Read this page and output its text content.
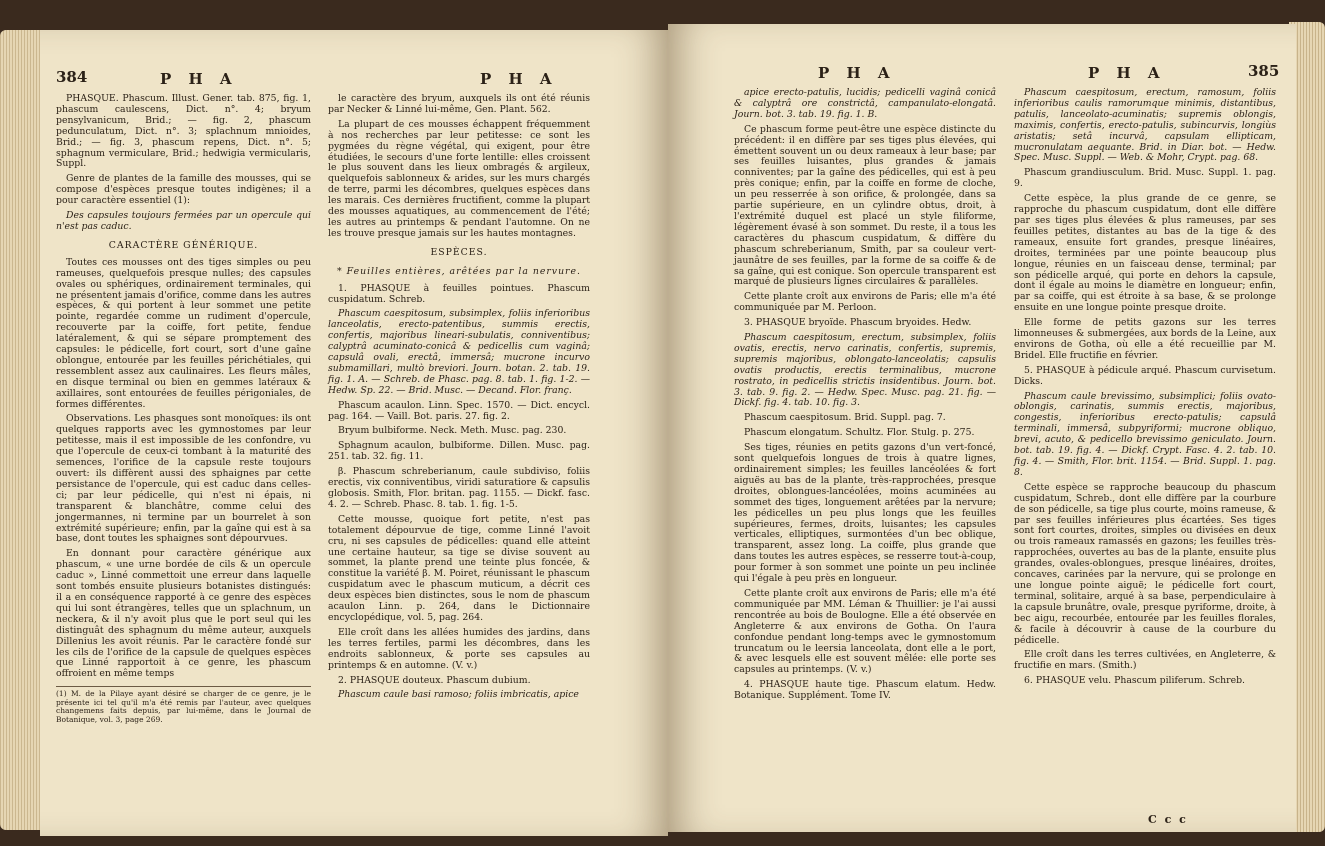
384	P H A	P H A

PHASQUE. Phascum. Illust. Gener. tab. 875, fig. 1, phascum caulescens, Dict. n°. 4; bryum pensylvanicum, Brid.; — fig. 2, phascum pedunculatum, Dict. n°. 3; splachnum mnioides, Brid.; — fig. 3, phascum repens, Dict. n°. 5; sphagnum vermiculare, Brid.; hedwigia vermicularis, Suppl.

Genre de plantes de la famille des mousses, qui se compose d'espèces presque toutes indigènes; il a pour caractère essentiel (1):

Des capsules toujours fermées par un opercule qui n'est pas caduc.

CARACTÈRE GÉNÉRIQUE.

Toutes ces mousses ont des tiges simples ou peu rameuses, quelquefois presque nulles; des capsules ovales ou sphériques, ordinairement terminales, qui ne présentent jamais d'orifice, comme dans les autres espèces, & qui portent à leur sommet une petite pointe, regardée comme un rudiment d'opercule, recouverte par la coiffe, fort petite, fendue latéralement, & qui se sépare promptement des capsules: le pédicelle, fort court, sort d'une gaîne oblongue, entourée par les feuilles périchétiales, qui ressemblent assez aux caulinaires. Les fleurs mâles, en disque terminal ou bien en gemmes latéraux & axillaires, sont entourées de feuilles périgoniales, de formes différentes.

Observations. Les phasques sont monoïques: ils ont quelques rapports avec les gymnostomes par leur petitesse, mais il est impossible de les confondre, vu que l'opercule de ceux-ci tombant à la maturité des semences, l'orifice de la capsule reste toujours ouvert: ils diffèrent aussi des sphaignes par cette persistance de l'opercule, qui est caduc dans celles-ci; par leur pédicelle, qui n'est ni épais, ni transparent & blanchâtre, comme celui des jongermannes, ni termine par un bourrelet à son extrémité supérieure; enfin, par la gaîne qui est à sa base, dont toutes les sphaignes sont dépourvues.

En donnant pour caractère générique aux phascum, « une urne bordée de cils & un opercule caduc », Linné commettoit une erreur dans laquelle sont tombés ensuite plusieurs botanistes distingués: il a en conséquence rapporté à ce genre des espèces qui lui sont étrangères, telles que un splachnum, un neckera, & il n'y avoit plus que le port seul qui les distinguât des sphagnum du même auteur, auxquels Dillenius les avoit réunis. Par le caractère fondé sur les cils de l'orifice de la capsule de quelques espèces que Linné rapportoit à ce genre, les phascum offroient en même temps

(1) M. de la Pilaye ayant désiré se charger de ce genre, je le présente ici tel qu'il m'a été remis par l'auteur, avec quelques changemens faits depuis, par lui-même, dans le Journal de Botanique, vol. 3, page 269.

le caractère des bryum, auxquels ils ont été réunis par Necker & Linné lui-même, Gen. Plant. 562.

La plupart de ces mousses échappent fréquemment à nos recherches par leur petitesse: ce sont les pygmées du règne végétal, qui exigent, pour être étudiées, le secours d'une forte lentille: elles croissent le plus souvent dans les lieux ombragés & argileux, quelquefois sablonneux & arides, sur les murs chargés de terre, parmi les décombres, quelques espèces dans les marais. Ces dernières fructifient, comme la plupart des mousses aquatiques, au commencement de l'été; les autres au printemps & pendant l'automne. On ne les trouve presque jamais sur les hautes montagnes.

ESPÈCES.

* Feuilles entières, arêtées par la nervure.

1. PHASQUE à feuilles pointues. Phascum cuspidatum. Schreb.

Phascum caespitosum, subsimplex, foliis inferioribus lanceolatis, erecto-patentibus, summis erectis, confertis, majoribus lineari-subulatis, conniventibus; calyptrâ acuminato-conicâ & pedicellis cum vaginâ; capsulâ ovali, erectâ, immersâ; mucrone incurvo submamillari, multò breviori. Journ. botan. 2. tab. 19. fig. 1. A. — Schreb. de Phasc. pag. 8. tab. 1. fig. 1-2. — Hedw. Sp. 22. — Brid. Musc. — Decand. Flor. franç.

Phascum acaulon. Linn. Spec. 1570. — Dict. encycl. pag. 164. — Vaill. Bot. paris. 27. fig. 2.

Bryum bulbiforme. Neck. Meth. Musc. pag. 230.

Sphagnum acaulon, bulbiforme. Dillen. Musc. pag. 251. tab. 32. fig. 11.

β. Phascum schreberianum, caule subdiviso, foliis erectis, vix conniventibus, viridi saturatiore & capsulis globosis. Smith, Flor. britan. pag. 1155. — Dickf. fasc. 4. 2. — Schreb. Phasc. 8. tab. 1. fig. 1-5.

Cette mousse, quoique fort petite, n'est pas totalement dépourvue de tige, comme Linné l'avoit cru, ni ses capsules de pédicelles: quand elle atteint une certaine hauteur, sa tige se divise souvent au sommet, la plante prend une teinte plus foncée, & constitue la variété β. M. Poiret, réunissant le phascum cuspidatum avec le phascum muticum, a décrit ces deux espèces bien distinctes, sous le nom de phascum acaulon Linn. p. 264, dans le Dictionnaire encyclopédique, vol. 5, pag. 264.

Elle croît dans les allées humides des jardins, dans les terres fertiles, parmi les décombres, dans les endroits sablonneux, & porte ses capsules au printemps & en automne. (V. v.)

2. PHASQUE douteux. Phascum dubium.

Phascum caule basi ramoso; foliis imbricatis, apice

P H A	P H A	385

apice erecto-patulis, lucidis; pedicelli vaginâ conicâ & calyptrâ ore constrictâ, campanulato-elongatâ. Journ. bot. 3. tab. 19. fig. 1. B.

Ce phascum forme peut-être une espèce distincte du précédent: il en diffère par ses tiges plus élevées, qui émettent souvent un ou deux rameaux à leur base; par ses feuilles luisantes, plus grandes & jamais conniventes; par la gaîne des pédicelles, qui est à peu près conique; enfin, par la coiffe en forme de cloche, un peu resserrée à son orifice, & prolongée, dans sa partie supérieure, en un cylindre obtus, droit, à l'extrémité duquel est placé un style filiforme, légèrement évasé à son sommet. Du reste, il a tous les caractères du phascum cuspidatum, & diffère du phascum schreberianum, Smith, par sa couleur vert-jaunâtre de ses feuilles, par la forme de sa coiffe & de sa gaîne, qui est conique. Son opercule transparent est marqué de plusieurs lignes circulaires & parallèles.

Cette plante croît aux environs de Paris; elle m'a été communiquée par M. Perloon.

3. PHASQUE bryoïde. Phascum bryoides. Hedw.

Phascum caespitosum, erectum, subsimplex, foliis ovatis, erectis, nervo carinatis, confertis, supremis, supremis majoribus, oblongato-lanceolatis; capsulis ovatis productis, erectis terminalibus, mucrone rostrato, in pedicellis strictis insidentibus. Journ. bot. 3. tab. 9. fig. 2. — Hedw. Spec. Musc. pag. 21. fig. — Dickf. fig. 4. tab. 10. fig. 3.

Phascum caespitosum. Brid. Suppl. pag. 7.

Phascum elongatum. Schultz. Flor. Stulg. p. 275.

Ses tiges, réunies en petits gazons d'un vert-foncé, sont quelquefois longues de trois à quatre lignes, ordinairement simples; les feuilles lancéolées & fort aiguës au bas de la plante, très-rapprochées, presque droites, oblongues-lancéolées, moins acuminées au sommet des tiges, longuement arêtées par la nervure; les pédicelles un peu plus longs que les feuilles supérieures, fermes, droits, luisantes; les capsules verticales, elliptiques, surmontées d'un bec oblique, transparent, assez long. La coiffe, plus grande que dans toutes les autres espèces, se resserre tout-à-coup, pour former à son sommet une pointe un peu inclinée qui l'égale à peu près en longueur.

Cette plante croît aux environs de Paris; elle m'a été communiquée par MM. Léman & Thuillier: je l'ai aussi rencontrée au bois de Boulogne. Elle a été observée en Angleterre & aux environs de Gotha. On l'aura confondue pendant long-temps avec le gymnostomum truncatum ou le leersia lanceolata, dont elle a le port, & avec lesquels elle est souvent mêlée: elle porte ses capsules au printemps. (V. v.)

4. PHASQUE haute tige. Phascum elatum. Hedw. Botanique. Supplément. Tome IV.

Phascum caespitosum, erectum, ramosum, foliis inferioribus caulis ramorumque minimis, distantibus, patulis, lanceolato-acuminatis; supremis oblongis, maximis, confertis, erecto-patulis, subincurvis, longiùs aristatis; setâ incurvâ, capsulam ellipticam, mucronulatam aequante. Brid. in Diar. bot. — Hedw. Spec. Musc. Suppl. — Web. & Mohr, Crypt. pag. 68.

Phascum grandiusculum. Brid. Musc. Suppl. 1. pag. 9.

Cette espèce, la plus grande de ce genre, se rapproche du phascum cuspidatum, dont elle diffère par ses tiges plus élevées & plus rameuses, par ses feuilles petites, distantes au bas de la tige & des rameaux, ensuite fort grandes, presque linéaires, droites, terminées par une pointe beaucoup plus longue, réunies en un faisceau dense, terminal; par son pédicelle arqué, qui porte en dehors la capsule, dont il égale au moins le diamètre en longueur; enfin, par sa coiffe, qui est étroite à sa base, & se prolonge ensuite en une longue pointe presque droite.

Elle forme de petits gazons sur les terres limonneuses & submergées, aux bords de la Leine, aux environs de Gotha, où elle a été recueillie par M. Bridel. Elle fructifie en février.

5. PHASQUE à pédicule arqué. Phascum curvisetum. Dicks.

Phascum caule brevissimo, subsimplici; foliis ovato-oblongis, carinatis, summis erectis, majoribus, congestis, inferioribus erecto-patulis; capsulâ terminali, immersâ, subpyriformi; mucrone obliquo, brevi, acuto, & pedicello brevissimo geniculato. Journ. bot. tab. 19. fig. 4. — Dickf. Crypt. Fasc. 4. 2. tab. 10. fig. 4. — Smith, Flor. brit. 1154. — Brid. Suppl. 1. pag. 8.

Cette espèce se rapproche beaucoup du phascum cuspidatum, Schreb., dont elle diffère par la courbure de son pédicelle, sa tige plus courte, moins rameuse, & par ses feuilles inférieures plus écartées. Ses tiges sont fort courtes, droites, simples ou divisées en deux ou trois rameaux ramassés en gazons; les feuilles très-rapprochées, ouvertes au bas de la plante, ensuite plus grandes, ovales-oblongues, presque linéaires, droites, concaves, carinées par la nervure, qui se prolonge en une longue pointe aiguë; le pédicelle fort court, terminal, solitaire, arqué à sa base, perpendiculaire à la capsule brunâtre, ovale, presque pyriforme, droite, à bec aigu, recourbée, entourée par les feuilles florales, & facile à découvrir à cause de la courbure du pédicelle.

Elle croît dans les terres cultivées, en Angleterre, & fructifie en mars. (Smith.)

6. PHASQUE velu. Phascum piliferum. Schreb.

C c c
